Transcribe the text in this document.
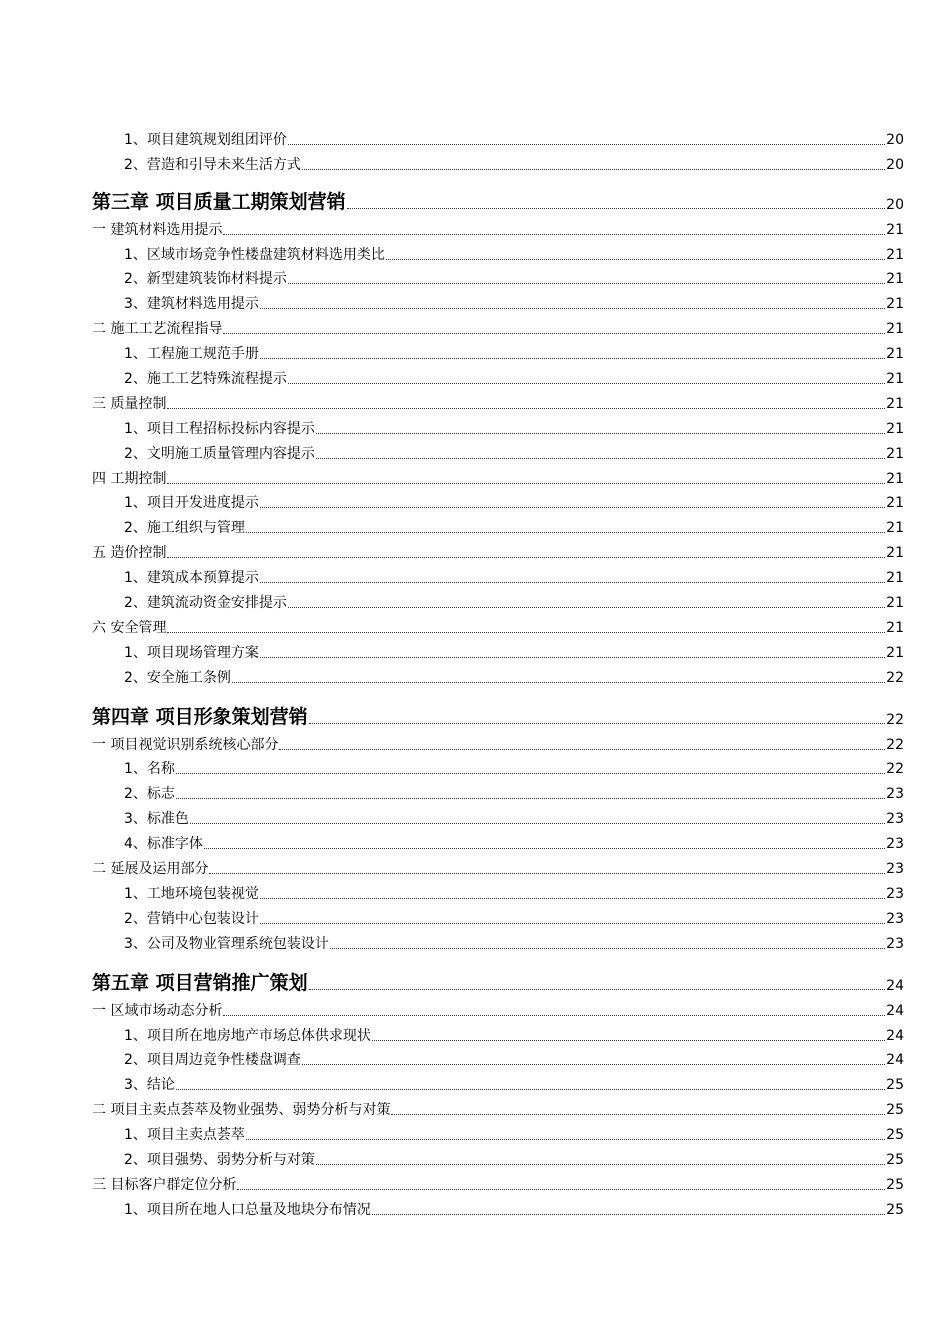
1、项目建筑规划组团评价	20
2、营造和引导未来生活方式	20
第三章 项目质量工期策划营销	20
一 建筑材料选用提示	21
1、区域市场竞争性楼盘建筑材料选用类比	21
2、新型建筑装饰材料提示	21
3、建筑材料选用提示	21
二 施工工艺流程指导	21
1、工程施工规范手册	21
2、施工工艺特殊流程提示	21
三 质量控制	21
1、项目工程招标投标内容提示	21
2、文明施工质量管理内容提示	21
四 工期控制	21
1、项目开发进度提示	21
2、施工组织与管理	21
五 造价控制	21
1、建筑成本预算提示	21
2、建筑流动资金安排提示	21
六 安全管理	21
1、项目现场管理方案	21
2、安全施工条例	22
第四章 项目形象策划营销	22
一 项目视觉识别系统核心部分	22
1、名称	22
2、标志	23
3、标准色	23
4、标准字体	23
二 延展及运用部分	23
1、工地环境包装视觉	23
2、营销中心包装设计	23
3、公司及物业管理系统包装设计	23
第五章 项目营销推广策划	24
一 区域市场动态分析	24
1、项目所在地房地产市场总体供求现状	24
2、项目周边竞争性楼盘调查	24
3、结论	25
二 项目主卖点荟萃及物业强势、弱势分析与对策	25
1、项目主卖点荟萃	25
2、项目强势、弱势分析与对策	25
三 目标客户群定位分析	25
1、项目所在地人口总量及地块分布情况	25
